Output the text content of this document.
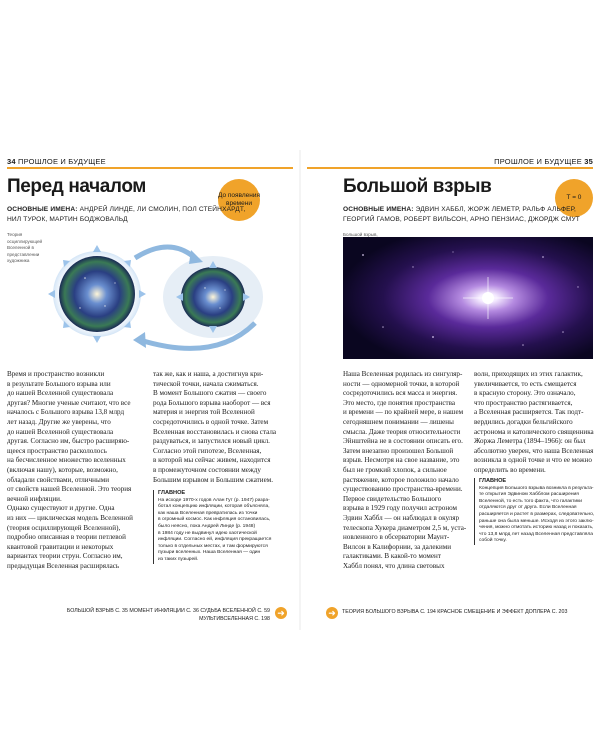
34 ПРОШЛОЕ И БУДУЩЕЕ
Перед началом	До появления времени
ОСНОВНЫЕ ИМЕНА: АНДРЕЙ ЛИНДЕ, ЛИ СМОЛИН, ПОЛ СТЕЙНХАРДТ,
НИЛ ТУРОК, МАРТИН БОДЖОВАЛЬД
Теория осциллирующей Вселенной в представлении художника

Время и пространство возникли

в результате Большого взрыва или

до нашей Вселенной существовала

другая? Многие ученые считают, что все

началось с Большого взрыва 13,8 млрд

лет назад. Другие же уверены, что

до нашей Вселенной существовала

другая. Согласно им, быстро расширяю-

щееся пространство раскололось

на бесчисленное множество вселенных

(включая нашу), которые, возможно,

обладали свойствами, отличными

от свойств нашей Вселенной. Это теория

вечной инфляции.

Однако существуют и другие. Одна

из них — циклическая модель Вселенной

(теория осциллирующей Вселенной),

подробно описанная в теории петлевой

квантовой гравитации и некоторых

вариантах теории струн. Согласно им,

предыдущая Вселенная расширялась

так же, как и наша, а достигнув кри-

тической точки, начала сжиматься.

В момент Большого сжатия — своего

рода Большого взрыва наоборот — вся

материя и энергия той Вселенной

сосредоточились в одной точке. Затем

Вселенная восстановилась и снова стала

раздуваться, и запустился новый цикл.

Согласно этой гипотезе, Вселенная,

в которой мы сейчас живем, находится

в промежуточном состоянии между

Большим взрывом и Большим сжатием.

ГЛАВНОЕ
На исходе 1970-х годов Алан Гут (р. 1947) разра-
ботал концепцию инфляции, которая объясняла,
как наша Вселенная превратилась из точки
в огромный космос. Как инфляция остановилась,
было неясно, пока Андрей Линде (р. 1948)
в 1984 году не выдвинул идею хаотической
инфляции. Согласно ей, инфляция прекращается
только в отдельных местах, и там формируются
пузыри вселенных. Наша Вселенная — один
из таких пузырей.
БОЛЬШОЙ ВЗРЫВ С. 35 МОМЕНТ ИНФЛЯЦИИ С. 36 СУДЬБА ВСЕЛЕННОЙ С. 59
МУЛЬТИВСЕЛЕННАЯ С. 198
➜
ПРОШЛОЕ И БУДУЩЕЕ 35
Большой взрыв
T = 0
ОСНОВНЫЕ ИМЕНА: ЭДВИН ХАББЛ, ЖОРЖ ЛЕМЕТР, РАЛЬФ АЛЬФЕР,
ГЕОРГИЙ ГАМОВ, РОБЕРТ ВИЛЬСОН, АРНО ПЕНЗИАС, ДЖОРДЖ СМУТ
Большой взрыв,

Наша Вселенная родилась из сингуляр-

ности — одномерной точки, в которой

сосредоточились вся масса и энергия.

Это место, где понятия пространства

и времени — по крайней мере, в нашем

сегодняшнем понимании — лишены

смысла. Даже теория относительности

Эйнштейна не в состоянии описать его.

Затем внезапно произошел Большой

взрыв. Несмотря на свое название, это

был не громкий хлопок, а сильное

растяжение, которое положило начало

существованию пространства-времени.

Первое свидетельство Большого

взрыва в 1929 году получил астроном

Эдвин Хаббл — он наблюдал в окуляр

телескопа Хукера диаметром 2,5 м, уста-

новленного в обсерватории Маунт-

Вилсон в Калифорнии, за далекими

галактиками. В какой-то момент

Хаббл понял, что длина световых

волн, приходящих из этих галактик,

увеличивается, то есть смещается

в красную сторону. Это означало,

что пространство растягивается,

а Вселенная расширяется. Так подт-

вердились догадки бельгийского

астронома и католического священника

Жоржа Леметра (1894–1966): он был

абсолютно уверен, что наша Вселенная

возникла в одной точке и что ее можно

определить во времени.

ГЛАВНОЕ
Концепция Большого взрыва возникла в результа-
те открытия Эдвином Хабблом расширения
Вселенной, то есть того факта, что галактики
отдаляются друг от друга. Если Вселенная
расширяется и растет в размерах, следовательно,
раньше она была меньше. Исходя из этого заклю-
чения, можно отмотать историю назад и показать,
что 13,8 млрд лет назад Вселенная представляла
собой точку.
➜	ТЕОРИЯ БОЛЬШОГО ВЗРЫВА С. 194 КРАСНОЕ СМЕЩЕНИЕ И ЭФФЕКТ ДОПЛЕРА С. 203
